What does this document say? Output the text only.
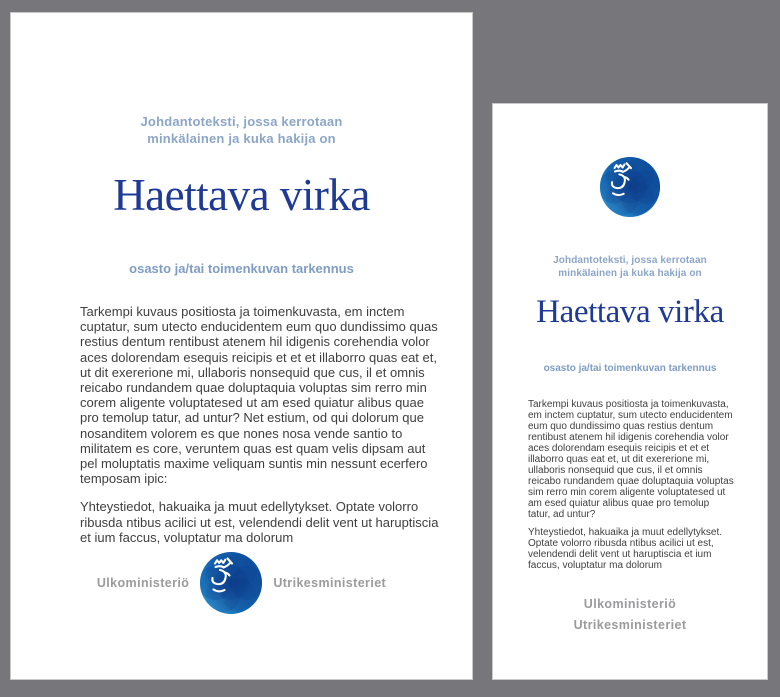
Johdantoteksti, jossa kerrotaan
minkälainen ja kuka hakija on

Haettava virka

osasto ja/tai toimenkuvan tarkennus

Tarkempi kuvaus positiosta ja toimenkuvasta, em inctem cuptatur, sum utecto enducidentem eum quo dundissimo quas restius dentum rentibust atenem hil idigenis corehendia volor aces dolorendam esequis reicipis et et et illaborro quas eat et, ut dit exererione mi, ullaboris nonsequid que cus, il et omnis reicabo rundandem quae doluptaquia voluptas sim rerro min corem aligente voluptatesed ut am esed quiatur alibus quae pro temolup tatur, ad untur? Net estium, od qui dolorum que nosanditem volorem es que nones nosa vende santio to militatem es core, veruntem quas est quam velis dipsam aut pel moluptatis maxime veliquam suntis min nessunt ecerfero temposam ipic:

Yhteystiedot, hakuaika ja muut edellytykset. Optate volorro ribusda ntibus acilici ut est, velendendi delit vent ut haruptiscia et ium faccus, voluptatur ma dolorum

Ulkoministeriö	Utrikesministeriet

Johdantoteksti, jossa kerrotaan
minkälainen ja kuka hakija on

Haettava virka

osasto ja/tai toimenkuvan tarkennus

Tarkempi kuvaus positiosta ja toimenkuvasta, em inctem cuptatur, sum utecto enducidentem eum quo dundissimo quas restius dentum rentibust atenem hil idigenis corehendia volor aces dolorendam esequis reicipis et et et illaborro quas eat et, ut dit exererione mi, ullaboris nonsequid que cus, il et omnis reicabo rundandem quae doluptaquia voluptas sim rerro min corem aligente voluptatesed ut am esed quiatur alibus quae pro temolup tatur, ad untur?

Yhteystiedot, hakuaika ja muut edellytykset. Optate volorro ribusda ntibus acilici ut est, velendendi delit vent ut haruptiscia et ium faccus, voluptatur ma dolorum

Ulkoministeriö
Utrikesministeriet
